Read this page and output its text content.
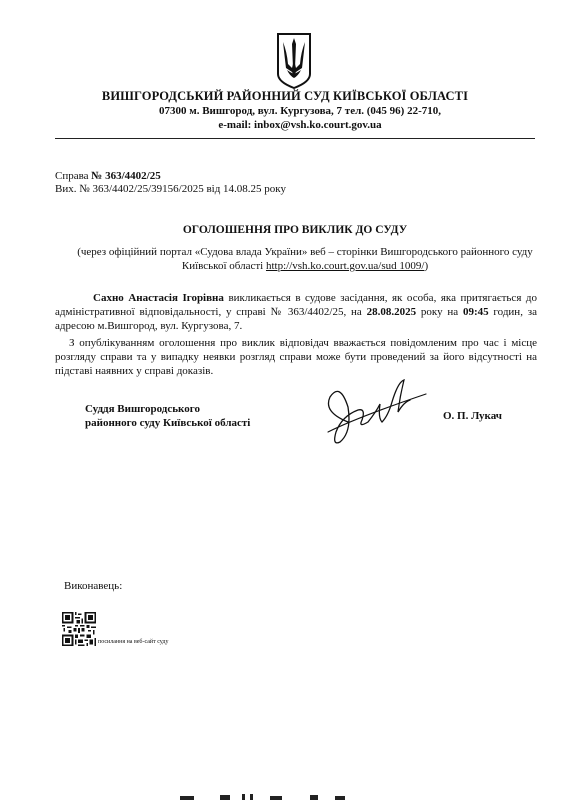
ВИШГОРОДСЬКИЙ РАЙОННИЙ СУД КИЇВСЬКОЇ ОБЛАСТІ
07300 м. Вишгород, вул. Кургузова, 7 тел. (045 96) 22-710,
e-mail: inbox@vsh.ko.court.gov.ua
Справа № 363/4402/25
Вих. № 363/4402/25/39156/2025 від 14.08.25 року
ОГОЛОШЕННЯ ПРО ВИКЛИК ДО СУДУ
(через офіційний портал «Судова влада України» веб – сторінки Вишгородського районного суду Київської області http://vsh.ko.court.gov.ua/sud 1009/)
Сахно Анастасія Ігорівна викликається в судове засідання, як особа, яка притягається до адміністративної відповідальності, у справі № 363/4402/25, на 28.08.2025 року на 09:45 годин, за адресою м.Вишгород, вул. Кургузова, 7.
З опублікуванням оголошення про виклик відповідач вважається повідомленим про час і місце розгляду справи та у випадку неявки розгляд справи може бути проведений за його відсутності на підставі наявних у справі доказів.
Суддя Вишгородського
районного суду Київської області
О. П. Лукач
Виконавець:
посилання на веб-сайт суду
